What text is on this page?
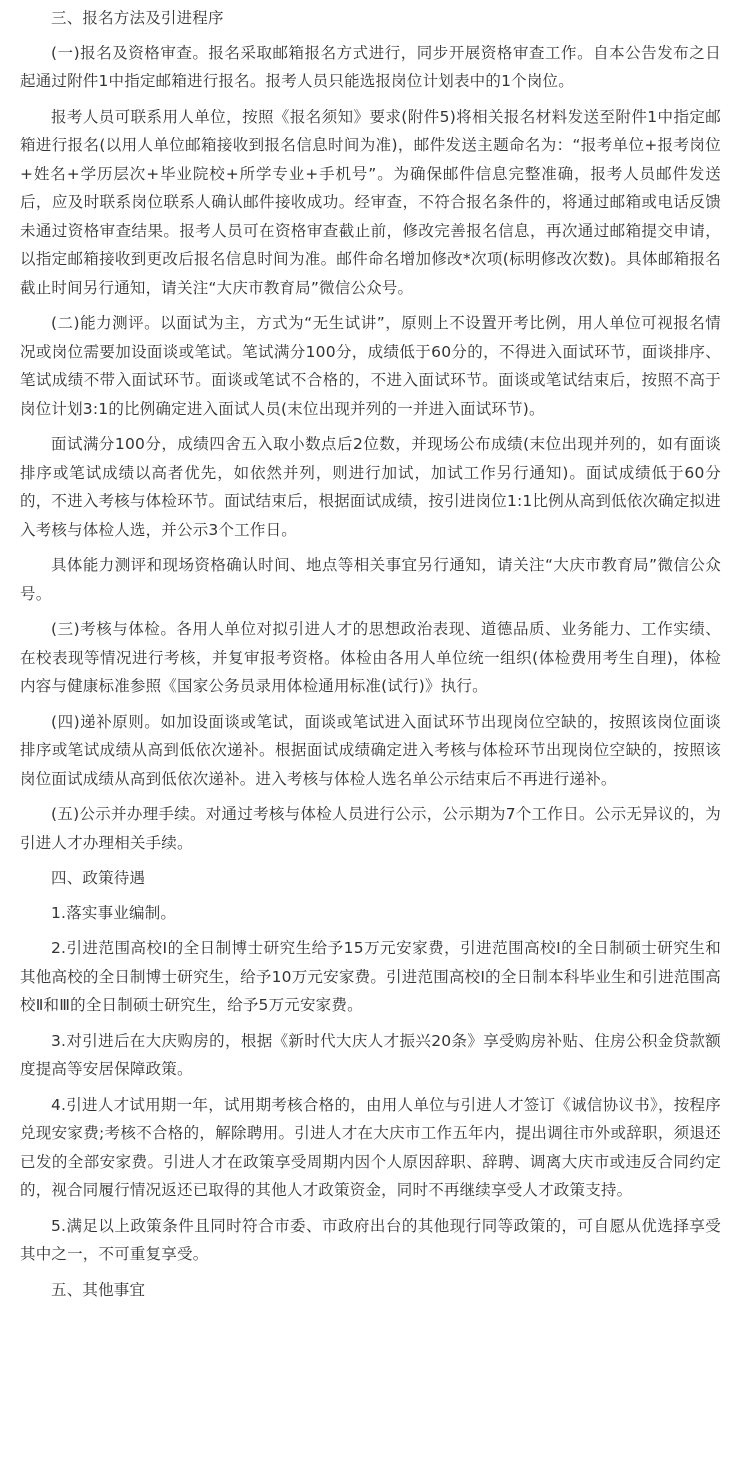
三、报名方法及引进程序

(一)报名及资格审查。报名采取邮箱报名方式进行，同步开展资格审查工作。自本公告发布之日起通过附件1中指定邮箱进行报名。报考人员只能选报岗位计划表中的1个岗位。

报考人员可联系用人单位，按照《报名须知》要求(附件5)将相关报名材料发送至附件1中指定邮箱进行报名(以用人单位邮箱接收到报名信息时间为准)，邮件发送主题命名为：“报考单位+报考岗位+姓名+学历层次+毕业院校+所学专业+手机号”。为确保邮件信息完整准确，报考人员邮件发送后，应及时联系岗位联系人确认邮件接收成功。经审查，不符合报名条件的，将通过邮箱或电话反馈未通过资格审查结果。报考人员可在资格审查截止前，修改完善报名信息，再次通过邮箱提交申请，以指定邮箱接收到更改后报名信息时间为准。邮件命名增加修改*次项(标明修改次数)。具体邮箱报名截止时间另行通知，请关注“大庆市教育局”微信公众号。

(二)能力测评。以面试为主，方式为“无生试讲”，原则上不设置开考比例，用人单位可视报名情况或岗位需要加设面谈或笔试。笔试满分100分，成绩低于60分的，不得进入面试环节，面谈排序、笔试成绩不带入面试环节。面谈或笔试不合格的，不进入面试环节。面谈或笔试结束后，按照不高于岗位计划3:1的比例确定进入面试人员(末位出现并列的一并进入面试环节)。

面试满分100分，成绩四舍五入取小数点后2位数，并现场公布成绩(末位出现并列的，如有面谈排序或笔试成绩以高者优先，如依然并列，则进行加试，加试工作另行通知)。面试成绩低于60分的，不进入考核与体检环节。面试结束后，根据面试成绩，按引进岗位1:1比例从高到低依次确定拟进入考核与体检人选，并公示3个工作日。

具体能力测评和现场资格确认时间、地点等相关事宜另行通知，请关注“大庆市教育局”微信公众号。

(三)考核与体检。各用人单位对拟引进人才的思想政治表现、道德品质、业务能力、工作实绩、在校表现等情况进行考核，并复审报考资格。体检由各用人单位统一组织(体检费用考生自理)，体检内容与健康标准参照《国家公务员录用体检通用标准(试行)》执行。

(四)递补原则。如加设面谈或笔试，面谈或笔试进入面试环节出现岗位空缺的，按照该岗位面谈排序或笔试成绩从高到低依次递补。根据面试成绩确定进入考核与体检环节出现岗位空缺的，按照该岗位面试成绩从高到低依次递补。进入考核与体检人选名单公示结束后不再进行递补。

(五)公示并办理手续。对通过考核与体检人员进行公示，公示期为7个工作日。公示无异议的，为引进人才办理相关手续。

四、政策待遇

1.落实事业编制。

2.引进范围高校Ⅰ的全日制博士研究生给予15万元安家费，引进范围高校Ⅰ的全日制硕士研究生和其他高校的全日制博士研究生，给予10万元安家费。引进范围高校Ⅰ的全日制本科毕业生和引进范围高校Ⅱ和Ⅲ的全日制硕士研究生，给予5万元安家费。

3.对引进后在大庆购房的，根据《新时代大庆人才振兴20条》享受购房补贴、住房公积金贷款额度提高等安居保障政策。

4.引进人才试用期一年，试用期考核合格的，由用人单位与引进人才签订《诚信协议书》，按程序兑现安家费;考核不合格的，解除聘用。引进人才在大庆市工作五年内，提出调往市外或辞职，须退还已发的全部安家费。引进人才在政策享受周期内因个人原因辞职、辞聘、调离大庆市或违反合同约定的，视合同履行情况返还已取得的其他人才政策资金，同时不再继续享受人才政策支持。

5.满足以上政策条件且同时符合市委、市政府出台的其他现行同等政策的，可自愿从优选择享受其中之一，不可重复享受。

五、其他事宜
